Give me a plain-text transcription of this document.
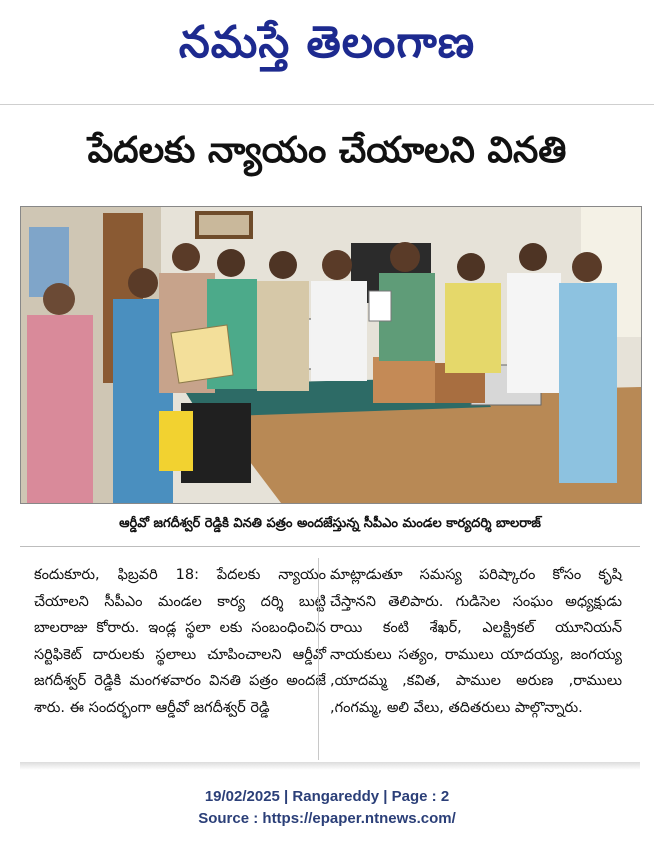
నమస్తే తెలంగాణ
పేదలకు న్యాయం చేయాలని వినతి
ఆర్డీవో జగదీశ్వర్ రెడ్డికి వినతి పత్రం అందజేస్తున్న సీపీఎం మండల కార్యదర్శి బాలరాజ్
కందుకూరు, ఫిబ్రవరి 18: పేదలకు న్యాయం చేయాలని సీపీఎం మండల కార్య దర్శి బుట్టి బాలరాజు కోరారు. ఇండ్ల స్థలా లకు సంబంధించిన సర్టిఫికెట్ దారులకు స్థలాలు చూపించాలని ఆర్డీవో జగదీశ్వర్ రెడ్డికి మంగళవారం వినతి పత్రం అందజే శారు. ఈ సందర్భంగా ఆర్డీవో జగదీశ్వర్ రెడ్డి
మాట్లాడుతూ సమస్య పరిష్కారం కోసం కృషి చేస్తానని తెలిపారు. గుడిసెల సంఘం అధ్యక్షుడు రాయి కంటి శేఖర్, ఎలక్ట్రికల్ యూనియన్ నాయకులు సత్యం, రాములు యాదయ్య, జంగయ్య ,యాదమ్మ ,కవిత, పాముల అరుణ ,రాములు ,గంగమ్మ, అలి వేలు, తదితరులు పాల్గొన్నారు.
19/02/2025 | Rangareddy | Page : 2
Source : https://epaper.ntnews.com/
